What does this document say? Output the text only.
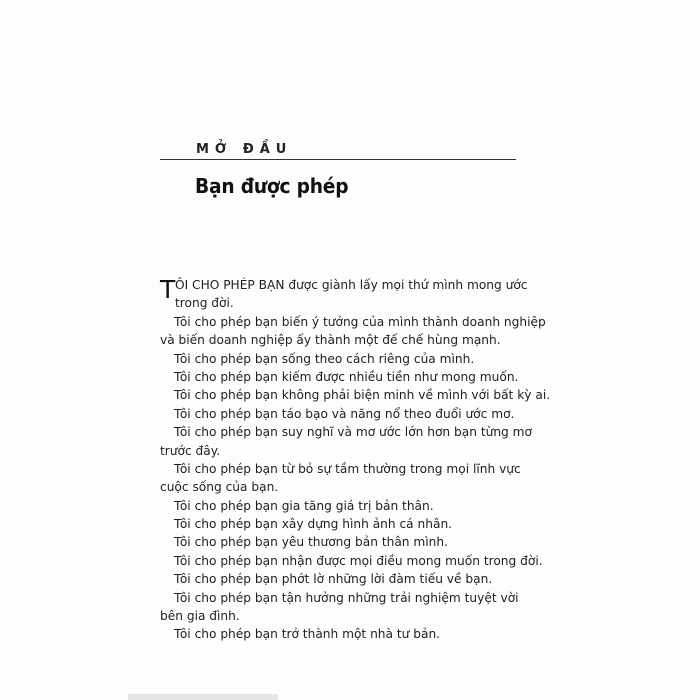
MỞ ĐẦU
Bạn được phép
T ÔI CHO PHÉP BẠN được giành lấy mọi thứ mình mong ước
trong đời.
Tôi cho phép bạn biến ý tưởng của mình thành doanh nghiệp
và biến doanh nghiệp ấy thành một đế chế hùng mạnh.
Tôi cho phép bạn sống theo cách riêng của mình.
Tôi cho phép bạn kiếm được nhiều tiền như mong muốn.
Tôi cho phép bạn không phải biện minh về mình với bất kỳ ai.
Tôi cho phép bạn táo bạo và năng nổ theo đuổi ước mơ.
Tôi cho phép bạn suy nghĩ và mơ ước lớn hơn bạn từng mơ
trước đây.
Tôi cho phép bạn từ bỏ sự tầm thường trong mọi lĩnh vực
cuộc sống của bạn.
Tôi cho phép bạn gia tăng giá trị bản thân.
Tôi cho phép bạn xây dựng hình ảnh cá nhân.
Tôi cho phép bạn yêu thương bản thân mình.
Tôi cho phép bạn nhận được mọi điều mong muốn trong đời.
Tôi cho phép bạn phớt lờ những lời đàm tiếu về bạn.
Tôi cho phép bạn tận hưởng những trải nghiệm tuyệt vời
bên gia đình.
Tôi cho phép bạn trở thành một nhà tư bản.
